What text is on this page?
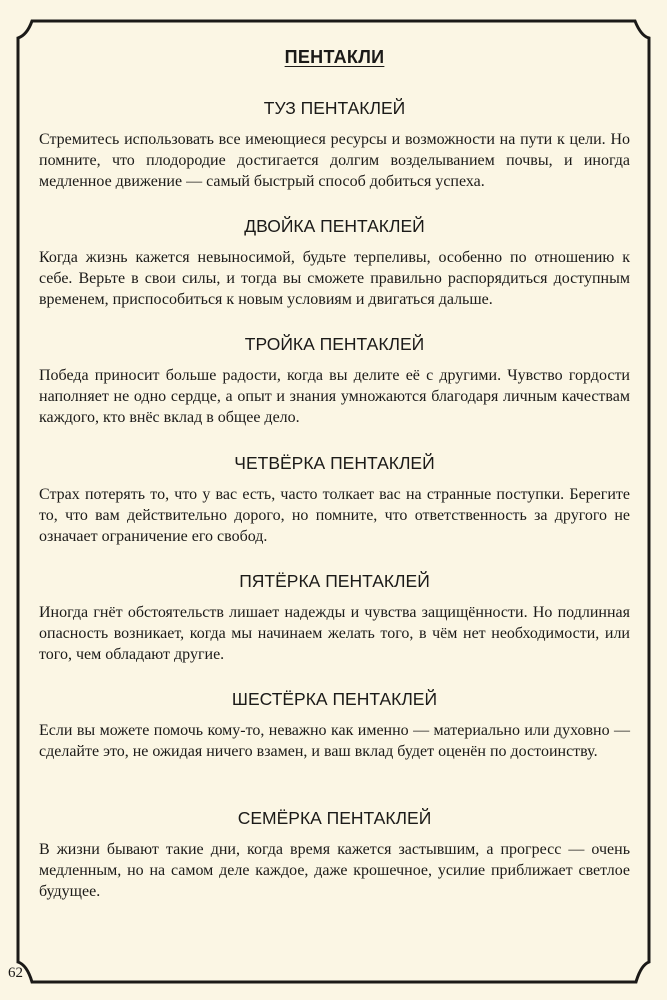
ПЕНТАКЛИ
ТУЗ ПЕНТАКЛЕЙ

Стремитесь использовать все имеющиеся ресурсы и возможности на пути к цели. Но помните, что плодородие достигается долгим возделыванием почвы, и иногда медленное движение — самый быстрый способ добиться успеха.

ДВОЙКА ПЕНТАКЛЕЙ

Когда жизнь кажется невыносимой, будьте терпеливы, особенно по отношению к себе. Верьте в свои силы, и тогда вы сможете правильно распорядиться доступным временем, приспособиться к новым условиям и двигаться дальше.

ТРОЙКА ПЕНТАКЛЕЙ

Победа приносит больше радости, когда вы делите её с другими. Чувство гордости наполняет не одно сердце, а опыт и знания умножаются благодаря личным качествам каждого, кто внёс вклад в общее дело.

ЧЕТВЁРКА ПЕНТАКЛЕЙ

Страх потерять то, что у вас есть, часто толкает вас на странные поступки. Берегите то, что вам действительно дорого, но помните, что ответственность за другого не означает ограничение его свобод.

ПЯТЁРКА ПЕНТАКЛЕЙ

Иногда гнёт обстоятельств лишает надежды и чувства защищённости. Но подлинная опасность возникает, когда мы начинаем желать того, в чём нет необходимости, или того, чем обладают другие.

ШЕСТЁРКА ПЕНТАКЛЕЙ

Если вы можете помочь кому-то, неважно как именно — материально или духовно — сделайте это, не ожидая ничего взамен, и ваш вклад будет оценён по достоинству.

СЕМЁРКА ПЕНТАКЛЕЙ

В жизни бывают такие дни, когда время кажется застывшим, а прогресс — очень медленным, но на самом деле каждое, даже крошечное, усилие приближает светлое будущее.

62
